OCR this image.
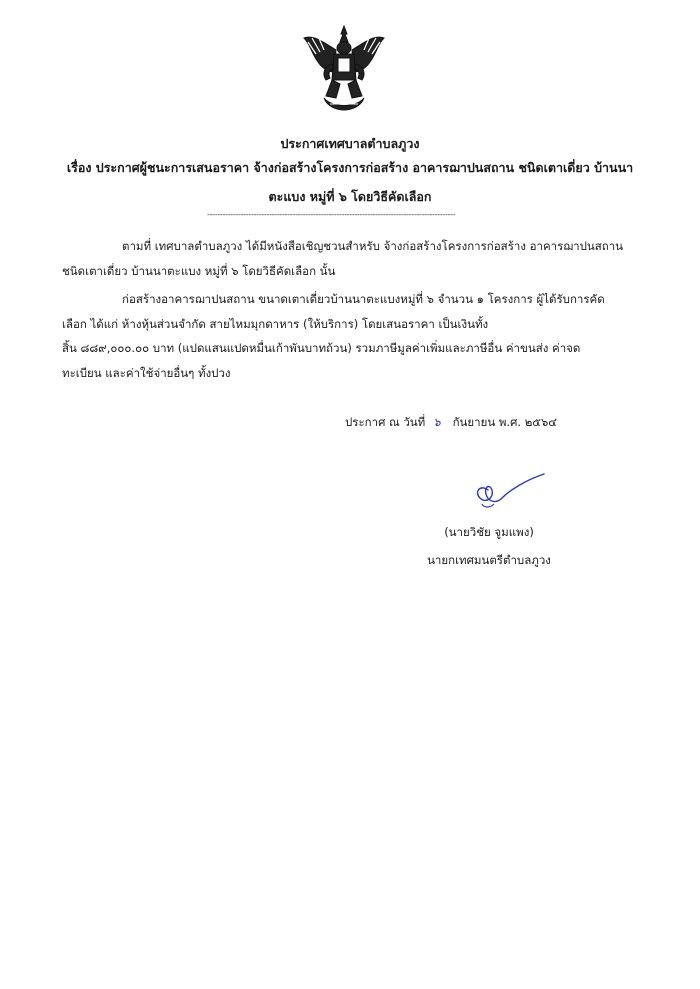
ประกาศเทศบาลตำบลภูวง
เรื่อง ประกาศผู้ชนะการเสนอราคา จ้างก่อสร้างโครงการก่อสร้าง อาคารฌาปนสถาน ชนิดเตาเดี่ยว บ้านนา
ตะแบง หมู่ที่ ๖ โดยวิธีคัดเลือก
------------------------------------------------------------------------------------------------
ตามที่ เทศบาลตำบลภูวง ได้มีหนังสือเชิญชวนสำหรับ จ้างก่อสร้างโครงการก่อสร้าง อาคารฌาปนสถาน
ชนิดเตาเดี่ยว บ้านนาตะแบง หมู่ที่ ๖ โดยวิธีคัดเลือก นั้น
ก่อสร้างอาคารฌาปนสถาน ขนาดเตาเดี่ยวบ้านนาตะแบงหมู่ที่ ๖ จำนวน ๑ โครงการ ผู้ได้รับการคัด
เลือก ได้แก่ ห้างหุ้นส่วนจำกัด สายไหมมุกดาหาร (ให้บริการ) โดยเสนอราคา เป็นเงินทั้ง
สิ้น ๘๘๙,๐๐๐.๐๐ บาท (แปดแสนแปดหมื่นเก้าพันบาทถ้วน) รวมภาษีมูลค่าเพิ่มและภาษีอื่น ค่าขนส่ง ค่าจด
ทะเบียน และค่าใช้จ่ายอื่นๆ ทั้งปวง
ประกาศ ณ วันที่ ๖ กันยายน พ.ศ. ๒๕๖๔
(นายวิชัย จูมแพง)
นายกเทศมนตรีตำบลภูวง
